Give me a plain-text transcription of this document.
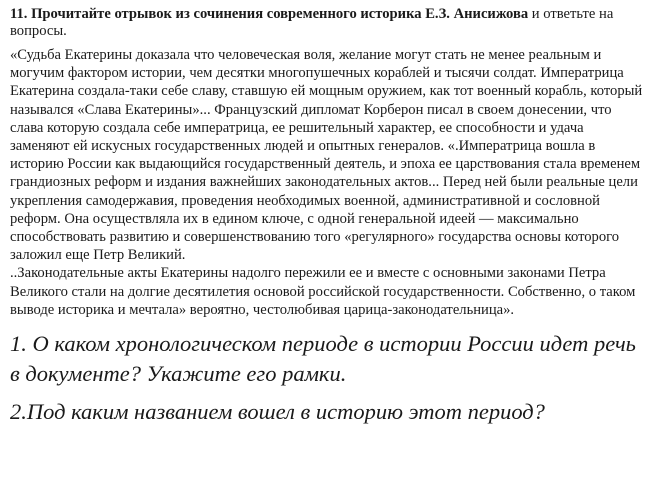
11. Прочитайте отрывок из сочинения современного историка Е.З. Анисижова и ответьте на вопросы.

«Судьба Екатерины доказала что человеческая воля, желание могут стать не менее реальным и могучим фактором истории, чем десятки многопушечных кораблей и тысячи солдат. Императрица Екатерина создала-таки себе славу, ставшую ей мощным оружием, как тот военный корабль, который назывался «Слава Екатерины»... Французский дипломат Корберон писал в своем донесении, что слава которую создала себе императрица, ее решительный характер, ее способности и удача заменяют ей искусных государственных людей и опытных генералов. «.Императрица вошла в историю России как выдающийся государственный деятель, и эпоха ее царствования стала временем грандиозных реформ и издания важнейших законодательных актов... Перед ней были реальные цели укрепления самодержавия, проведения необходимых военной, административной и сословной реформ. Она осуществляла их в едином ключе, с одной генеральной идеей — максимально способствовать развитию и совершенствованию того «регулярного» государства основы которого заложил еще Петр Великий.

..Законодательные акты Екатерины надолго пережили ее и вместе с основными законами Петра Великого стали на долгие десятилетия основой российской государственности. Собственно, о таком выводе историка и мечтала» вероятно, честолюбивая царица-законодательница».

1. О каком хронологическом периоде в истории России идет речь в документе? Укажите его рамки.

2.Под каким названием вошел в историю этот период?
